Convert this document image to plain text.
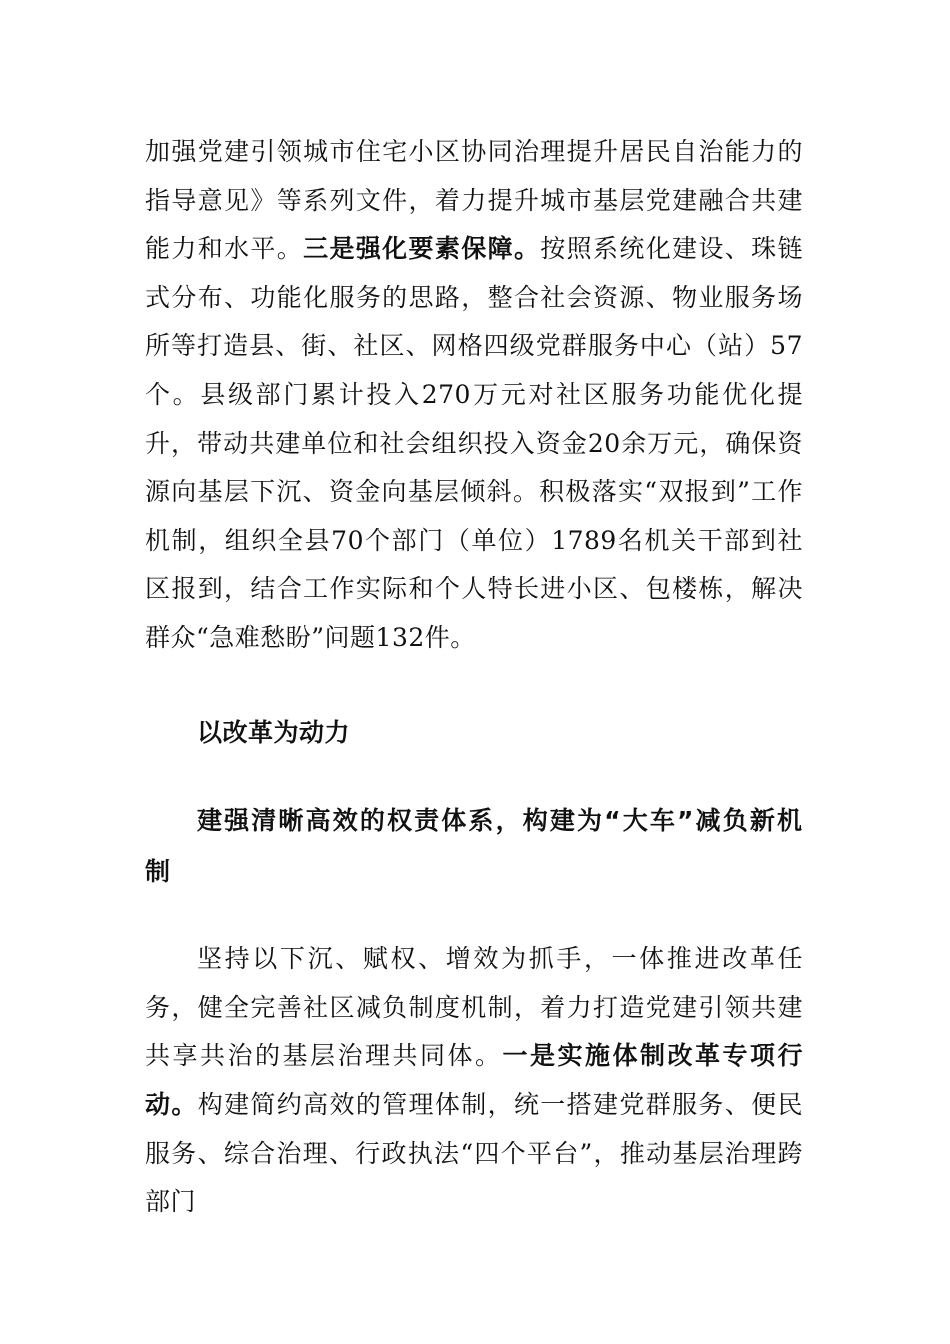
加强党建引领城市住宅小区协同治理提升居民自治能力的指导意见》等系列文件，着力提升城市基层党建融合共建能力和水平。三是强化要素保障。按照系统化建设、珠链式分布、功能化服务的思路，整合社会资源、物业服务场所等打造县、街、社区、网格四级党群服务中心（站）57个。县级部门累计投入270万元对社区服务功能优化提升，带动共建单位和社会组织投入资金20余万元，确保资源向基层下沉、资金向基层倾斜。积极落实“双报到”工作机制，组织全县70个部门（单位）1789名机关干部到社区报到，结合工作实际和个人特长进小区、包楼栋，解决群众“急难愁盼”问题132件。

以改革为动力

建强清晰高效的权责体系，构建为“大车”减负新机制

坚持以下沉、赋权、增效为抓手，一体推进改革任务，健全完善社区减负制度机制，着力打造党建引领共建共享共治的基层治理共同体。一是实施体制改革专项行动。构建简约高效的管理体制，统一搭建党群服务、便民服务、综合治理、行政执法“四个平台”，推动基层治理跨部门
